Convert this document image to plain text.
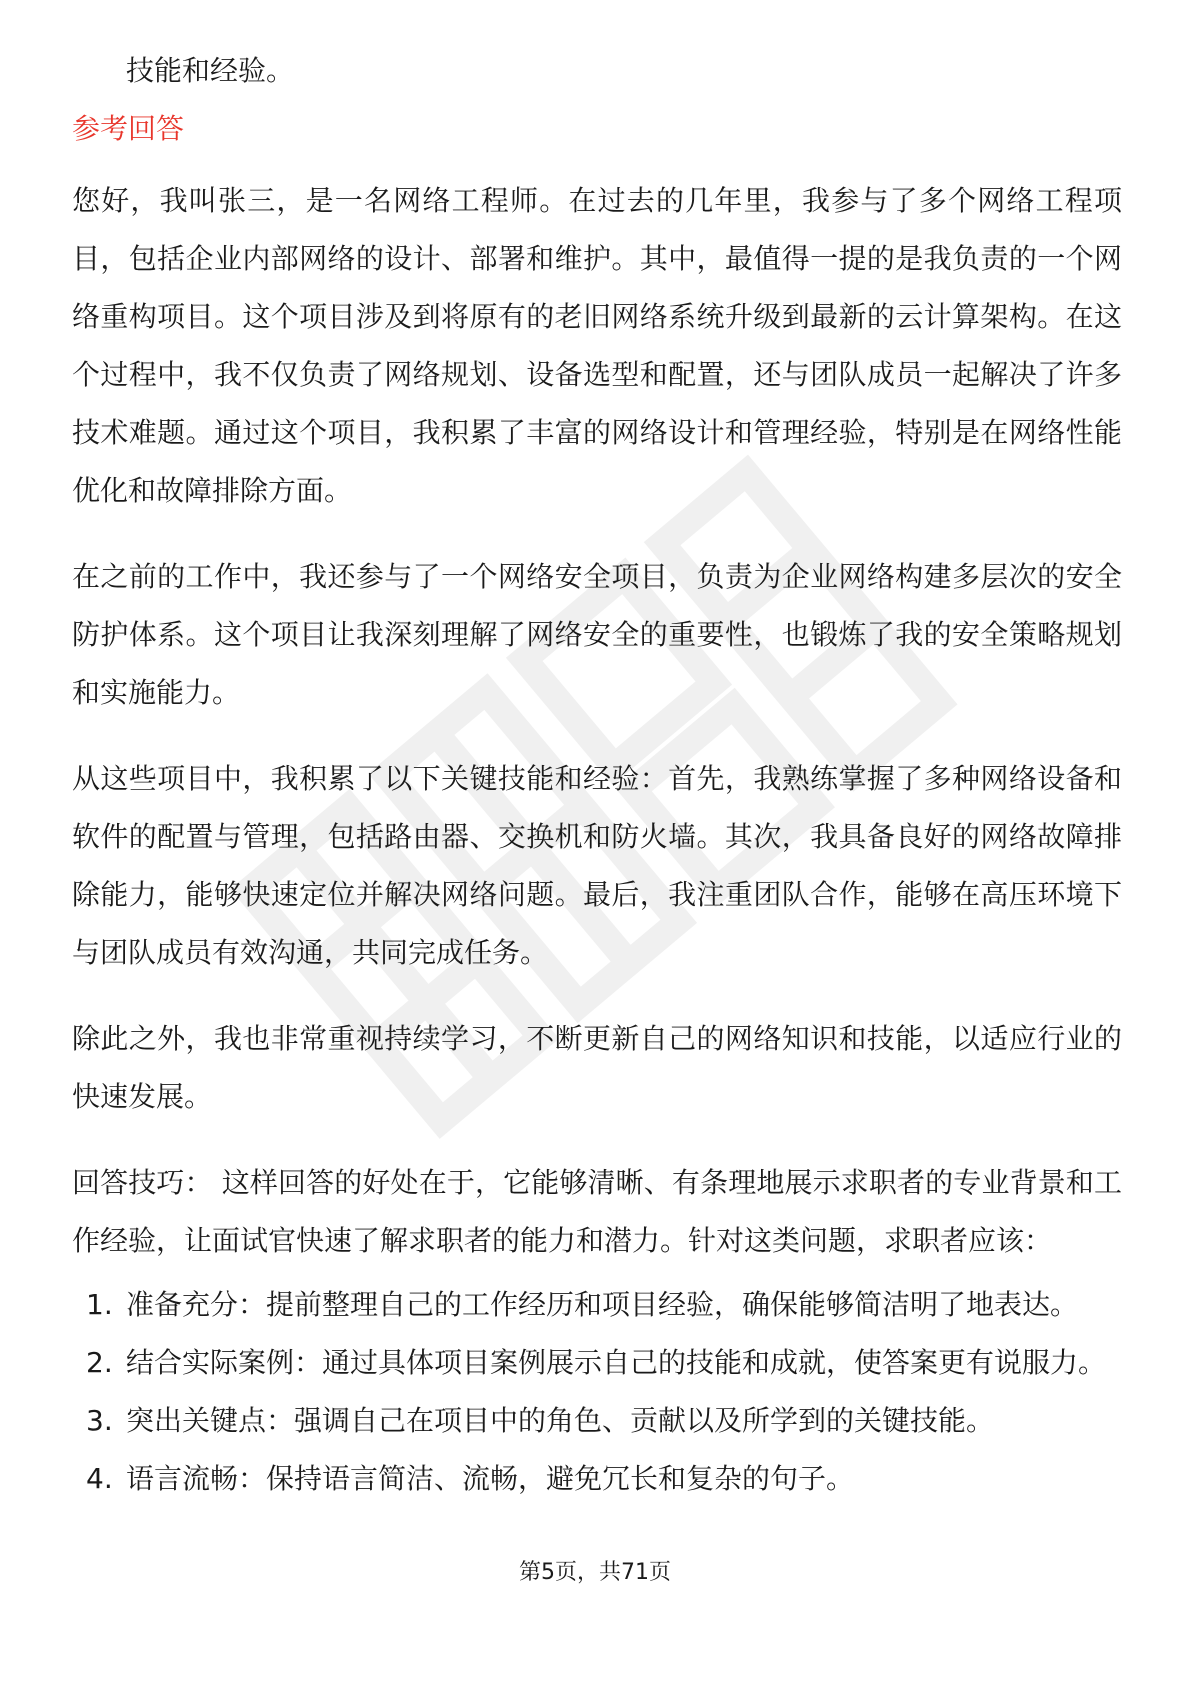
技能和经验。
参考回答

您好，我叫张三，是一名网络工程师。在过去的几年里，我参与了多个网络工程项目，包括企业内部网络的设计、部署和维护。其中，最值得一提的是我负责的一个网络重构项目。这个项目涉及到将原有的老旧网络系统升级到最新的云计算架构。在这个过程中，我不仅负责了网络规划、设备选型和配置，还与团队成员一起解决了许多技术难题。通过这个项目，我积累了丰富的网络设计和管理经验，特别是在网络性能优化和故障排除方面。

在之前的工作中，我还参与了一个网络安全项目，负责为企业网络构建多层次的安全防护体系。这个项目让我深刻理解了网络安全的重要性，也锻炼了我的安全策略规划和实施能力。

从这些项目中，我积累了以下关键技能和经验：首先，我熟练掌握了多种网络设备和软件的配置与管理，包括路由器、交换机和防火墙。其次，我具备良好的网络故障排除能力，能够快速定位并解决网络问题。最后，我注重团队合作，能够在高压环境下与团队成员有效沟通，共同完成任务。

除此之外，我也非常重视持续学习，不断更新自己的网络知识和技能，以适应行业的快速发展。

回答技巧： 这样回答的好处在于，它能够清晰、有条理地展示求职者的专业背景和工作经验，让面试官快速了解求职者的能力和潜力。针对这类问题，求职者应该：

1. 准备充分：提前整理自己的工作经历和项目经验，确保能够简洁明了地表达。
2. 结合实际案例：通过具体项目案例展示自己的技能和成就，使答案更有说服力。
3. 突出关键点：强调自己在项目中的角色、贡献以及所学到的关键技能。
4. 语言流畅：保持语言简洁、流畅，避免冗长和复杂的句子。
第5页，共71页
